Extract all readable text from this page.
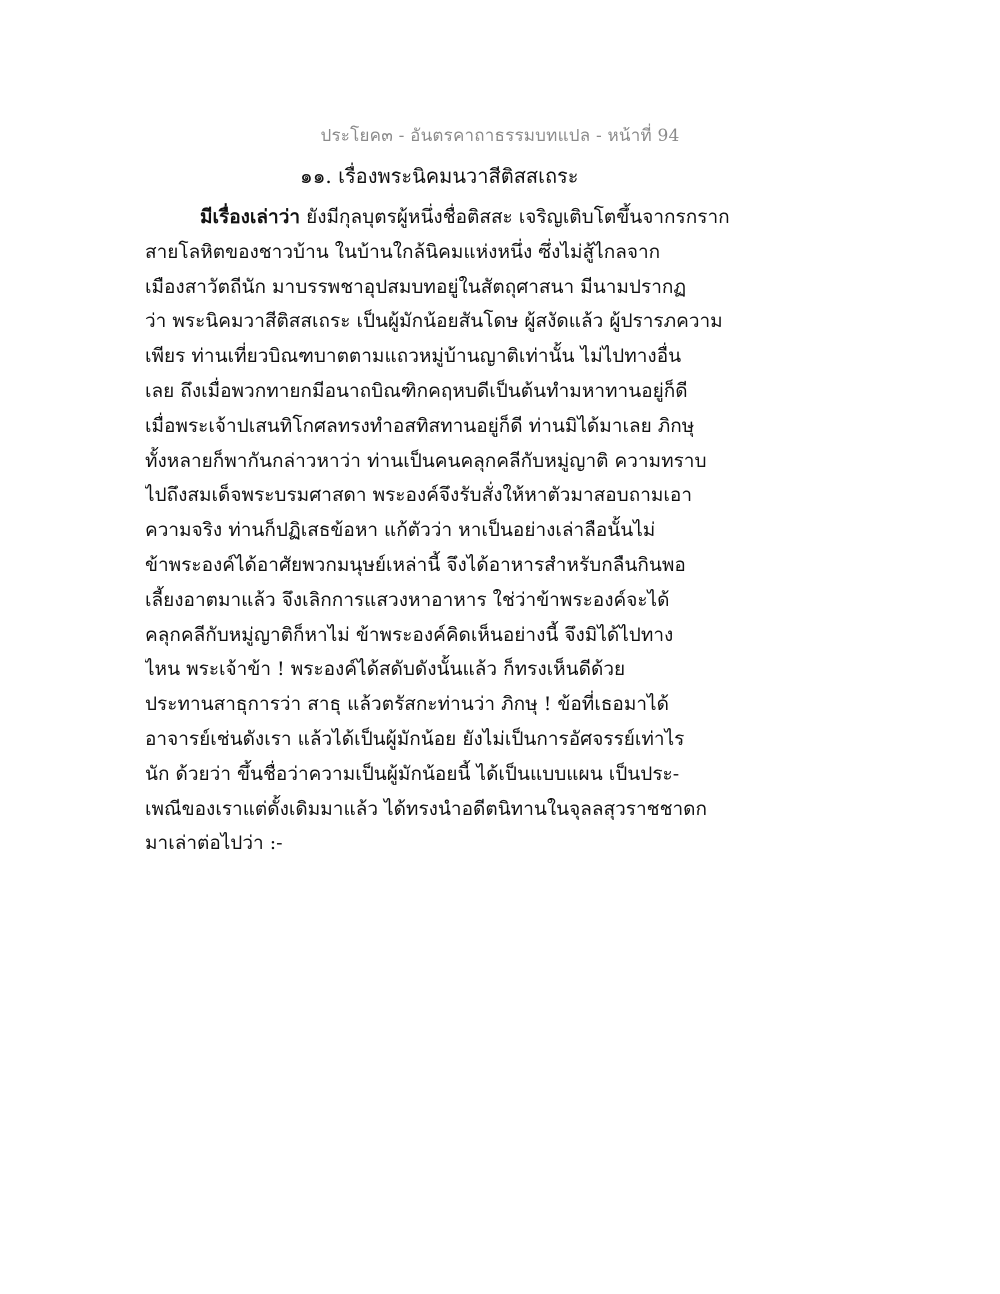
ประโยค๓ - อันตรคาถาธรรมบทแปล - หน้าที่ 94
๑๑. เรื่องพระนิคมนวาสีติสสเถระ
มีเรื่องเล่าว่า ยังมีกุลบุตรผู้หนึ่งชื่อติสสะ เจริญเติบโตขึ้นจากรกราก
สายโลหิตของชาวบ้าน ในบ้านใกล้นิคมแห่งหนึ่ง ซึ่งไม่สู้ไกลจาก
เมืองสาวัตถีนัก มาบรรพชาอุปสมบทอยู่ในสัตถุศาสนา มีนามปรากฏ
ว่า พระนิคมวาสีติสสเถระ เป็นผู้มักน้อยสันโดษ ผู้สงัดแล้ว ผู้ปรารภความ
เพียร ท่านเที่ยวบิณฑบาตตามแถวหมู่บ้านญาติเท่านั้น ไม่ไปทางอื่น
เลย ถึงเมื่อพวกทายกมีอนาถบิณฑิกคฤหบดีเป็นต้นทำมหาทานอยู่ก็ดี
เมื่อพระเจ้าปเสนทิโกศลทรงทำอสทิสทานอยู่ก็ดี ท่านมิได้มาเลย ภิกษุ
ทั้งหลายก็พากันกล่าวหาว่า ท่านเป็นคนคลุกคลีกับหมู่ญาติ ความทราบ
ไปถึงสมเด็จพระบรมศาสดา พระองค์จึงรับสั่งให้หาตัวมาสอบถามเอา
ความจริง ท่านก็ปฏิเสธข้อหา แก้ตัวว่า หาเป็นอย่างเล่าลือนั้นไม่
ข้าพระองค์ได้อาศัยพวกมนุษย์เหล่านี้ จึงได้อาหารสำหรับกลืนกินพอ
เลี้ยงอาตมาแล้ว จึงเลิกการแสวงหาอาหาร ใช่ว่าข้าพระองค์จะได้
คลุกคลีกับหมู่ญาติก็หาไม่ ข้าพระองค์คิดเห็นอย่างนี้ จึงมิได้ไปทาง
ไหน พระเจ้าข้า ! พระองค์ได้สดับดังนั้นแล้ว ก็ทรงเห็นดีด้วย
ประทานสาธุการว่า สาธุ แล้วตรัสกะท่านว่า ภิกษุ ! ข้อที่เธอมาได้
อาจารย์เช่นดังเรา แล้วได้เป็นผู้มักน้อย ยังไม่เป็นการอัศจรรย์เท่าไร
นัก ด้วยว่า ขึ้นชื่อว่าความเป็นผู้มักน้อยนี้ ได้เป็นแบบแผน เป็นประ-
เพณีของเราแต่ดั้งเดิมมาแล้ว ได้ทรงนำอดีตนิทานในจุลลสุวราชชาดก
มาเล่าต่อไปว่า :-
